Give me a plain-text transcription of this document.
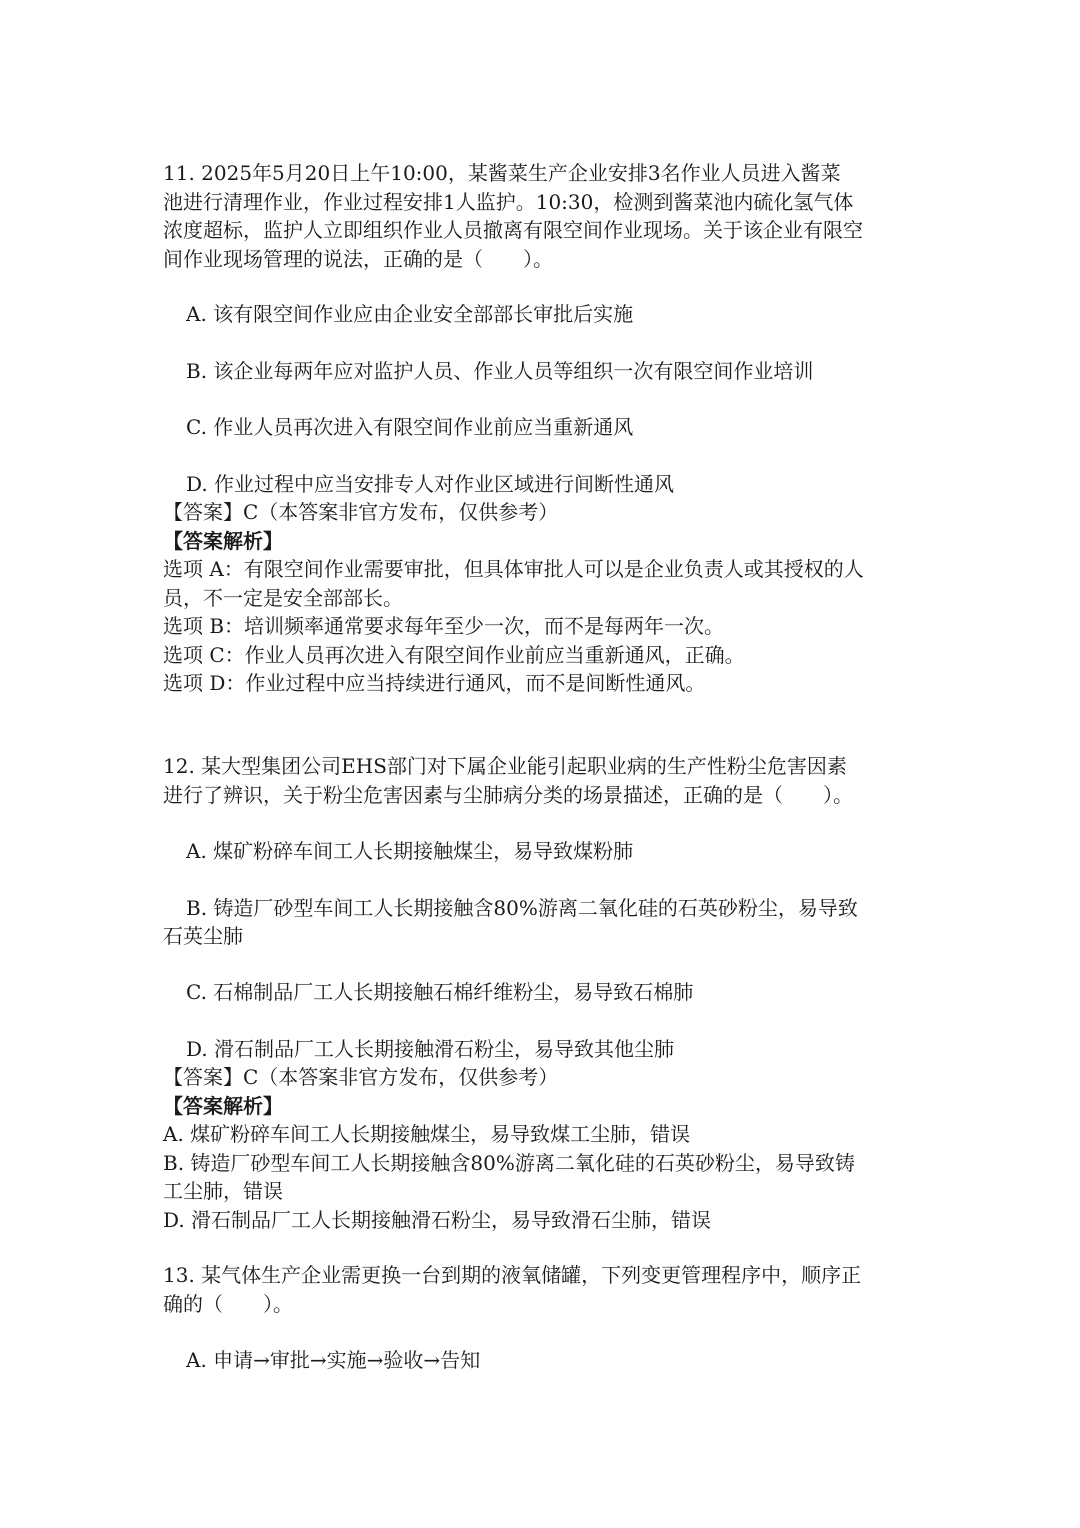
11. 2025年5月20日上午10:00，某酱菜生产企业安排3名作业人员进入酱菜
池进行清理作业，作业过程安排1人监护。10:30，检测到酱菜池内硫化氢气体
浓度超标，监护人立即组织作业人员撤离有限空间作业现场。关于该企业有限空
间作业现场管理的说法，正确的是（　　）。
A. 该有限空间作业应由企业安全部部长审批后实施
B. 该企业每两年应对监护人员、作业人员等组织一次有限空间作业培训
C. 作业人员再次进入有限空间作业前应当重新通风
D. 作业过程中应当安排专人对作业区域进行间断性通风
【答案】C（本答案非官方发布，仅供参考）
【答案解析】
选项 A：有限空间作业需要审批，但具体审批人可以是企业负责人或其授权的人
员，不一定是安全部部长。
选项 B：培训频率通常要求每年至少一次，而不是每两年一次。
选项 C：作业人员再次进入有限空间作业前应当重新通风，正确。
选项 D：作业过程中应当持续进行通风，而不是间断性通风。
12. 某大型集团公司EHS部门对下属企业能引起职业病的生产性粉尘危害因素
进行了辨识，关于粉尘危害因素与尘肺病分类的场景描述，正确的是（　　）。
A. 煤矿粉碎车间工人长期接触煤尘，易导致煤粉肺
B. 铸造厂砂型车间工人长期接触含80%游离二氧化硅的石英砂粉尘，易导致
石英尘肺
C. 石棉制品厂工人长期接触石棉纤维粉尘，易导致石棉肺
D. 滑石制品厂工人长期接触滑石粉尘，易导致其他尘肺
【答案】C（本答案非官方发布，仅供参考）
【答案解析】
A. 煤矿粉碎车间工人长期接触煤尘，易导致煤工尘肺，错误
B. 铸造厂砂型车间工人长期接触含80%游离二氧化硅的石英砂粉尘，易导致铸
工尘肺，错误
D. 滑石制品厂工人长期接触滑石粉尘，易导致滑石尘肺，错误
13. 某气体生产企业需更换一台到期的液氧储罐，下列变更管理程序中，顺序正
确的（　　）。
A. 申请→审批→实施→验收→告知
